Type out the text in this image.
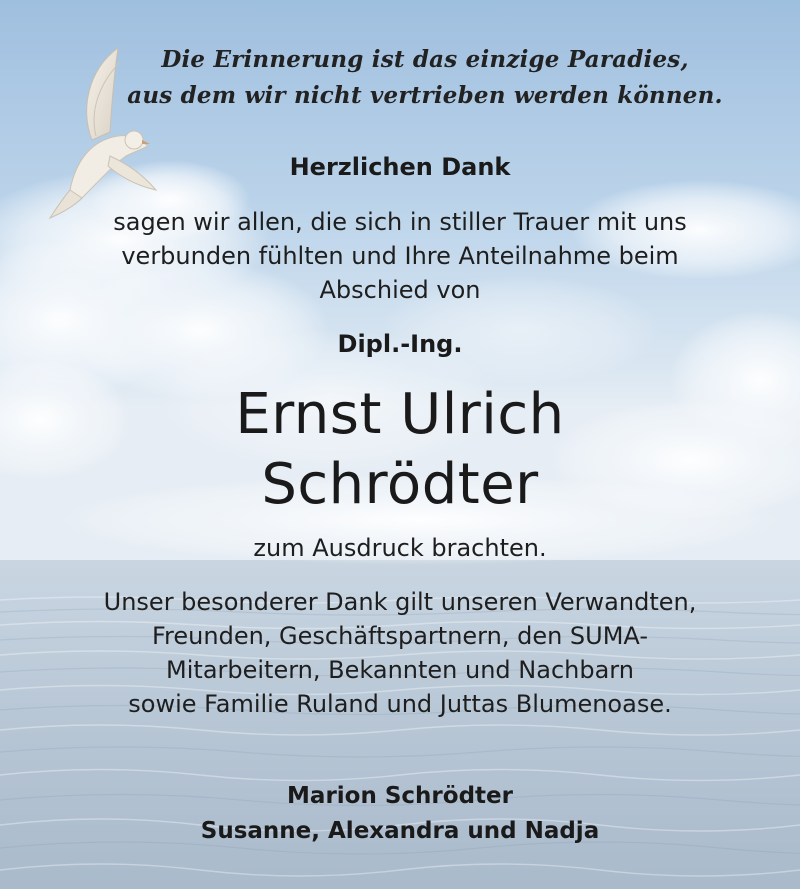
Die Erinnerung ist das einzige Paradies,
aus dem wir nicht vertrieben werden können.
Herzlichen Dank
sagen wir allen, die sich in stiller Trauer mit uns
verbunden fühlten und Ihre Anteilnahme beim
Abschied von
Dipl.-Ing.
Ernst Ulrich
Schrödter
zum Ausdruck brachten.
Unser besonderer Dank gilt unseren Verwandten,
Freunden, Geschäftspartnern, den SUMA-
Mitarbeitern, Bekannten und Nachbarn
sowie Familie Ruland und Juttas Blumenoase.
Marion Schrödter
Susanne, Alexandra und Nadja
